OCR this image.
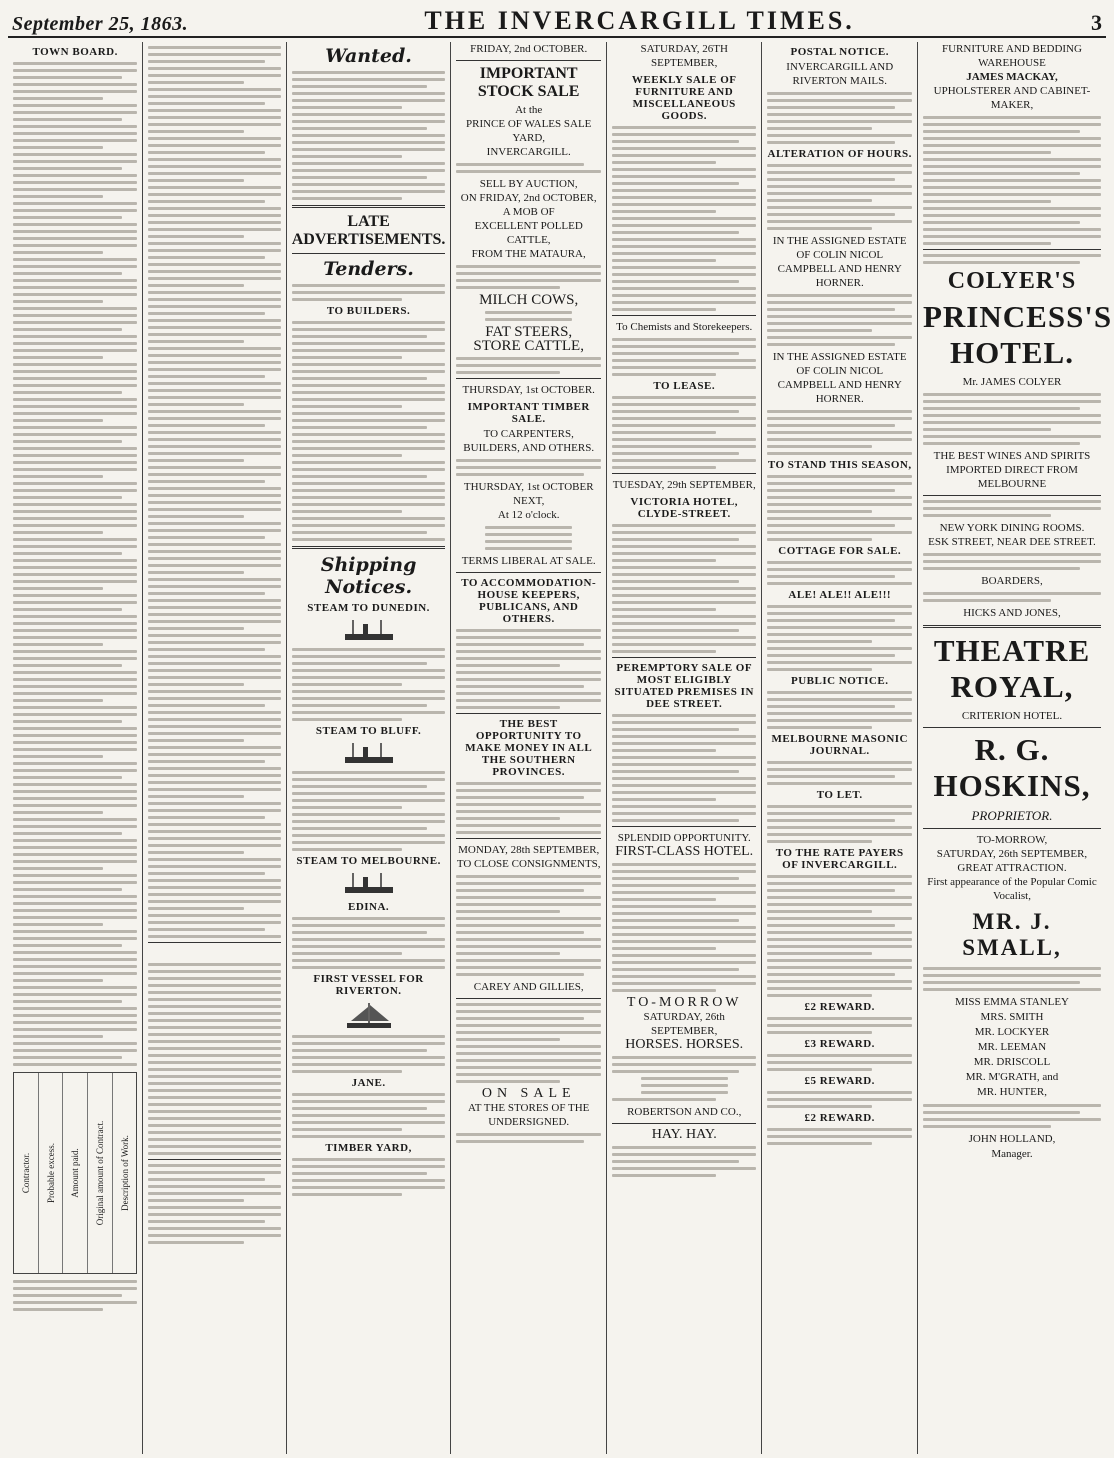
September 25, 1863.	THE INVERCARGILL TIMES.	3
TOWN BOARD.
Contractor. Probable excess. Amount paid. Original amount of Contract. Description of Work.

Wanted.
LATE ADVERTISEMENTS.
Tenders.
TO BUILDERS.
Shipping Notices.
STEAM TO DUNEDIN.
STEAM TO BLUFF.
STEAM TO MELBOURNE.
EDINA.
FIRST VESSEL FOR RIVERTON.
JANE.
TIMBER YARD,
FRIDAY, 2nd OCTOBER.
IMPORTANT STOCK SALE
At the
PRINCE OF WALES SALE YARD,
INVERCARGILL.
SELL BY AUCTION,
ON FRIDAY, 2nd OCTOBER,
A MOB OF
EXCELLENT POLLED CATTLE,
FROM THE MATAURA,
MILCH COWS,
FAT STEERS,
STORE CATTLE,
THURSDAY, 1st OCTOBER.
IMPORTANT TIMBER SALE.
TO CARPENTERS, BUILDERS, AND OTHERS.
THURSDAY, 1st OCTOBER NEXT,
At 12 o'clock.
TERMS LIBERAL AT SALE.
TO ACCOMMODATION-HOUSE KEEPERS, PUBLICANS, AND OTHERS.
THE BEST OPPORTUNITY TO MAKE MONEY IN ALL THE SOUTHERN PROVINCES.
MONDAY, 28th SEPTEMBER,
TO CLOSE CONSIGNMENTS,
CAREY AND GILLIES,
ON SALE
AT THE STORES OF THE UNDERSIGNED.
SATURDAY, 26TH SEPTEMBER,
WEEKLY SALE OF FURNITURE AND MISCELLANEOUS GOODS.
To Chemists and Storekeepers.
TO LEASE.
TUESDAY, 29th SEPTEMBER,
VICTORIA HOTEL, CLYDE-STREET.
PEREMPTORY SALE OF MOST ELIGIBLY SITUATED PREMISES IN DEE STREET.
SPLENDID OPPORTUNITY.
FIRST-CLASS HOTEL.
TO-MORROW
SATURDAY, 26th SEPTEMBER,
HORSES. HORSES.
ROBERTSON AND CO.,
HAY. HAY.
POSTAL NOTICE.
INVERCARGILL AND RIVERTON MAILS.
ALTERATION OF HOURS.
IN THE ASSIGNED ESTATE OF COLIN NICOL CAMPBELL AND HENRY HORNER.
IN THE ASSIGNED ESTATE OF COLIN NICOL CAMPBELL AND HENRY HORNER.
TO STAND THIS SEASON,
COTTAGE FOR SALE.
ALE! ALE!! ALE!!!
PUBLIC NOTICE.
MELBOURNE MASONIC JOURNAL.
TO LET.
TO THE RATE PAYERS OF INVERCARGILL.
£2 REWARD.
£3 REWARD.
£5 REWARD.
£2 REWARD.
FURNITURE AND BEDDING WAREHOUSE
JAMES MACKAY,
UPHOLSTERER AND CABINET-MAKER,
COLYER'S
PRINCESS'S HOTEL.
Mr. JAMES COLYER
THE BEST WINES AND SPIRITS IMPORTED DIRECT FROM MELBOURNE
NEW YORK DINING ROOMS.
ESK STREET, NEAR DEE STREET.
BOARDERS,
HICKS AND JONES,
THEATRE ROYAL,
CRITERION HOTEL.
R. G. HOSKINS,
PROPRIETOR.
TO-MORROW,
SATURDAY, 26th SEPTEMBER,
GREAT ATTRACTION.
First appearance of the Popular Comic Vocalist,
MR. J. SMALL,
MISS EMMA STANLEY
MRS. SMITH
MR. LOCKYER
MR. LEEMAN
MR. DRISCOLL
MR. M'GRATH, and
MR. HUNTER,
JOHN HOLLAND,
Manager.
